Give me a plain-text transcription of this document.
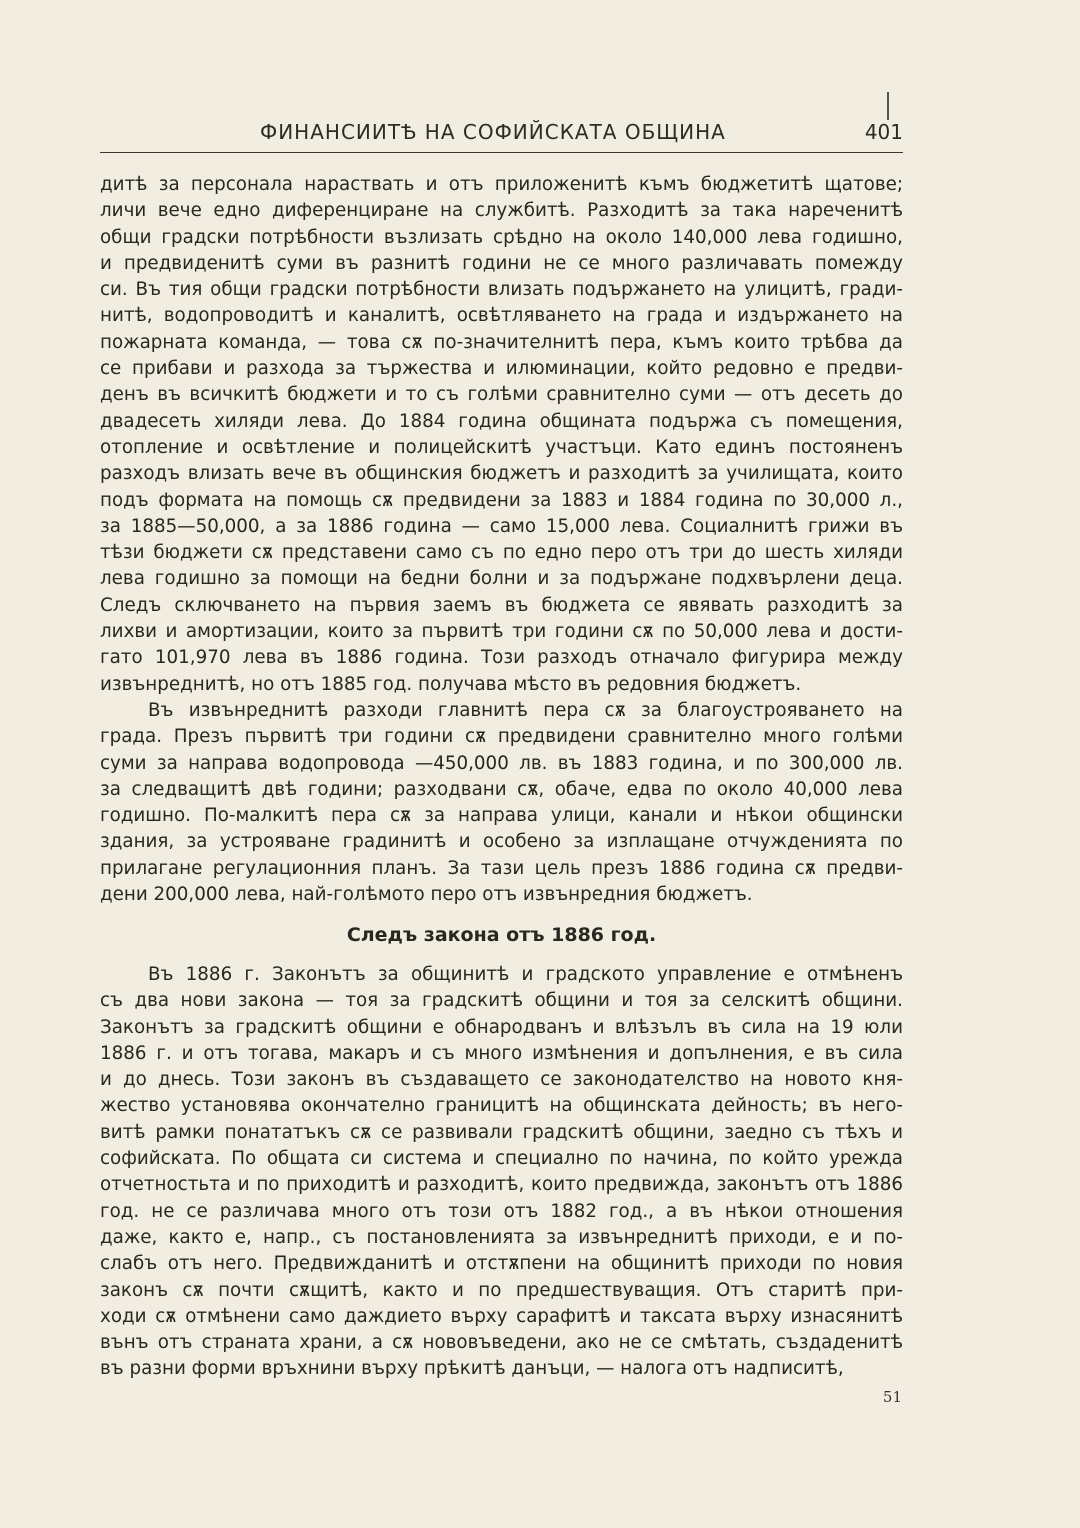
ФИНАНСИИТѢ НА СОФИЙСКАТА ОБЩИНА	401
дитѣ за персонала нараствать и отъ приложенитѣ къмъ бюджетитѣ щатове;
личи вече едно диференциране на службитѣ. Разходитѣ за така нареченитѣ
общи градски потрѣбности възлизать срѣдно на около 140,000 лева годишно,
и предвиденитѣ суми въ разнитѣ години не се много различавать помежду
си. Въ тия общи градски потрѣбности влизать подържането на улицитѣ, гради-
нитѣ, водопроводитѣ и каналитѣ, освѣтляването на града и издържането на
пожарната команда, — това сѫ по-значителнитѣ пера, къмъ които трѣбва да
се прибави и разхода за тържества и илюминации, който редовно е предви-
денъ въ всичкитѣ бюджети и то съ голѣми сравнително суми — отъ десеть до
двадесеть хиляди лева. До 1884 година общината подържа съ помещения,
отопление и освѣтление и полицейскитѣ участъци. Като единъ постояненъ
разходъ влизать вече въ общинския бюджетъ и разходитѣ за училищата, които
подъ формата на помощь сѫ предвидени за 1883 и 1884 година по 30,000 л.,
за 1885—50,000, а за 1886 година — само 15,000 лева. Социалнитѣ грижи въ
тѣзи бюджети сѫ представени само съ по едно перо отъ три до шесть хиляди
лева годишно за помощи на бедни болни и за подържане подхвърлени деца.
Следъ сключването на първия заемъ въ бюджета се явявать разходитѣ за
лихви и амортизации, които за първитѣ три години сѫ по 50,000 лева и дости-
гато 101,970 лева въ 1886 година. Този разходъ отначало фигурира между
извънреднитѣ, но отъ 1885 год. получава мѣсто въ редовния бюджетъ.
Въ извънреднитѣ разходи главнитѣ пера сѫ за благоустрояването на
града. Презъ първитѣ три години сѫ предвидени сравнително много голѣми
суми за направа водопровода —450,000 лв. въ 1883 година, и по 300,000 лв.
за следващитѣ двѣ години; разходвани сѫ, обаче, едва по около 40,000 лева
годишно. По-малкитѣ пера сѫ за направа улици, канали и нѣкои общински
здания, за устрояване градинитѣ и особено за изплащане отчужденията по
прилагане регулационния планъ. За тази цель презъ 1886 година сѫ предви-
дени 200,000 лева, най-голѣмото перо отъ извънредния бюджетъ.
Следъ закона отъ 1886 год.
Въ 1886 г. Законътъ за общинитѣ и градското управление е отмѣненъ
съ два нови закона — тоя за градскитѣ общини и тоя за селскитѣ общини.
Законътъ за градскитѣ общини е обнародванъ и влѣзълъ въ сила на 19 юли
1886 г. и отъ тогава, макаръ и съ много измѣнения и допълнения, е въ сила
и до днесь. Този законъ въ създаващето се законодателство на новото кня-
жество установява окончателно границитѣ на общинската дейность; въ него-
витѣ рамки понататъкъ сѫ се развивали градскитѣ общини, заедно съ тѣхъ и
софийската. По общата си система и специално по начина, по който урежда
отчетностьта и по приходитѣ и разходитѣ, които предвижда, законътъ отъ 1886
год. не се различава много отъ този отъ 1882 год., а въ нѣкои отношения
даже, както е, напр., съ постановленията за извънреднитѣ приходи, е и по-
слабъ отъ него. Предвижданитѣ и отстѫпени на общинитѣ приходи по новия
законъ сѫ почти сѫщитѣ, както и по предшествуващия. Отъ старитѣ при-
ходи сѫ отмѣнени само даждието върху сарафитѣ и таксата върху изнасянитѣ
вънъ отъ страната храни, а сѫ нововъведени, ако не се смѣтать, създаденитѣ
въ разни форми връхнини върху прѣкитѣ данъци, — налога отъ надписитѣ,
51
